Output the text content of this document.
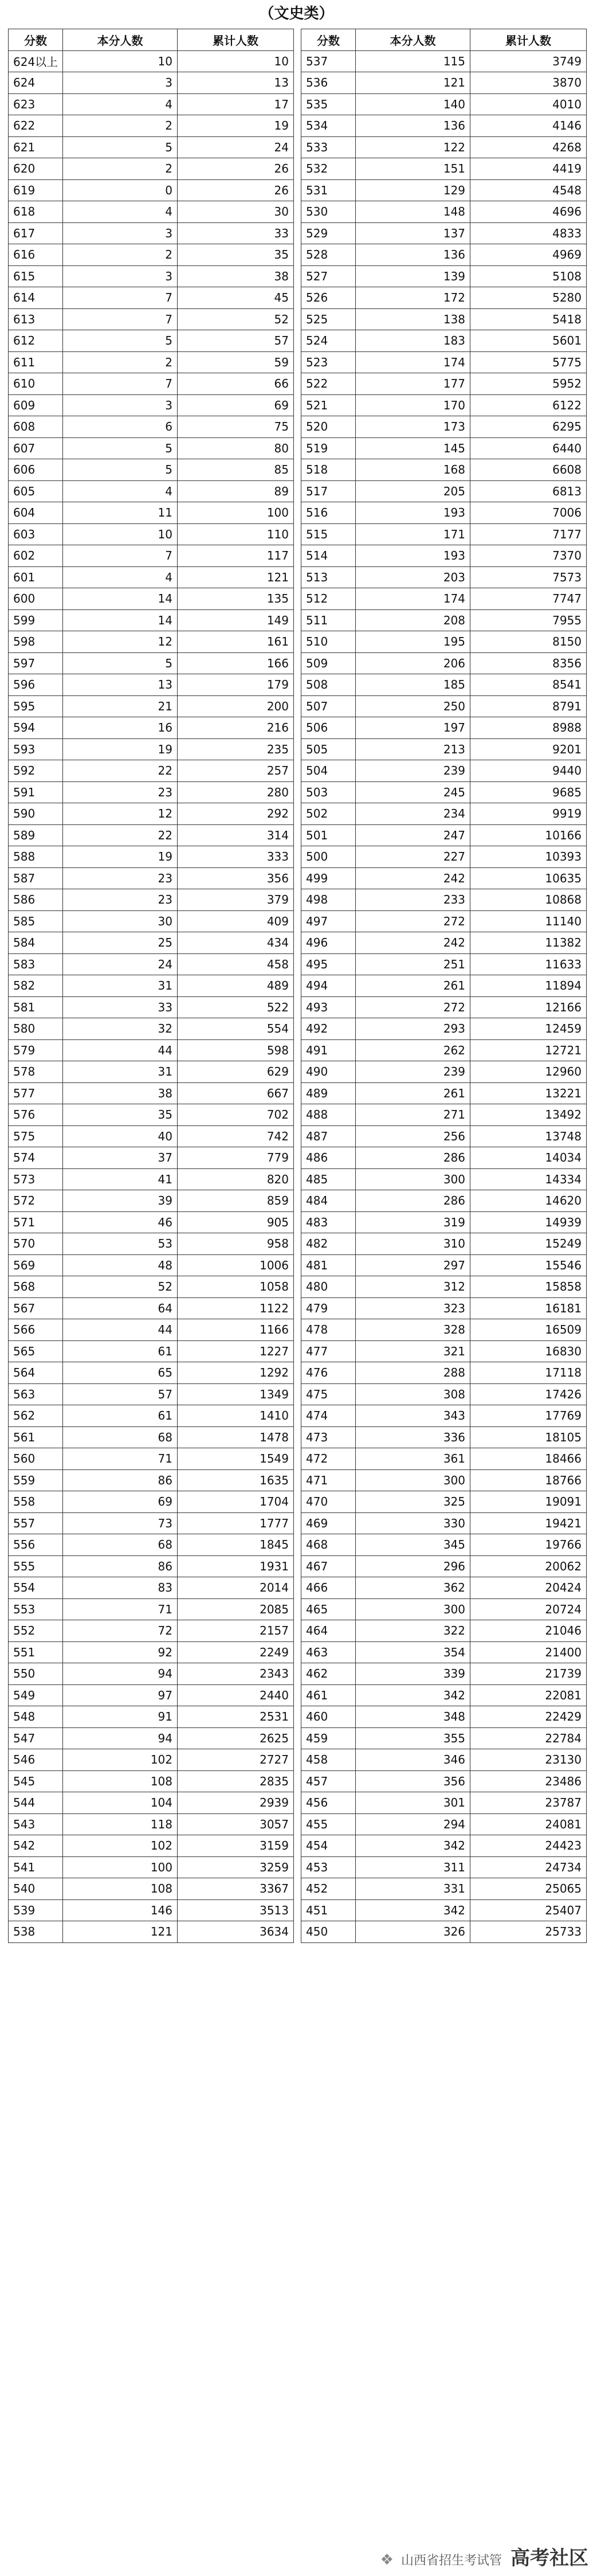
（文史类）
分数	本分人数	累计人数
624以上	10	10
624	3	13
623	4	17
622	2	19
621	5	24
620	2	26
619	0	26
618	4	30
617	3	33
616	2	35
615	3	38
614	7	45
613	7	52
612	5	57
611	2	59
610	7	66
609	3	69
608	6	75
607	5	80
606	5	85
605	4	89
604	11	100
603	10	110
602	7	117
601	4	121
600	14	135
599	14	149
598	12	161
597	5	166
596	13	179
595	21	200
594	16	216
593	19	235
592	22	257
591	23	280
590	12	292
589	22	314
588	19	333
587	23	356
586	23	379
585	30	409
584	25	434
583	24	458
582	31	489
581	33	522
580	32	554
579	44	598
578	31	629
577	38	667
576	35	702
575	40	742
574	37	779
573	41	820
572	39	859
571	46	905
570	53	958
569	48	1006
568	52	1058
567	64	1122
566	44	1166
565	61	1227
564	65	1292
563	57	1349
562	61	1410
561	68	1478
560	71	1549
559	86	1635
558	69	1704
557	73	1777
556	68	1845
555	86	1931
554	83	2014
553	71	2085
552	72	2157
551	92	2249
550	94	2343
549	97	2440
548	91	2531
547	94	2625
546	102	2727
545	108	2835
544	104	2939
543	118	3057
542	102	3159
541	100	3259
540	108	3367
539	146	3513
538	121	3634
分数	本分人数	累计人数
537	115	3749
536	121	3870
535	140	4010
534	136	4146
533	122	4268
532	151	4419
531	129	4548
530	148	4696
529	137	4833
528	136	4969
527	139	5108
526	172	5280
525	138	5418
524	183	5601
523	174	5775
522	177	5952
521	170	6122
520	173	6295
519	145	6440
518	168	6608
517	205	6813
516	193	7006
515	171	7177
514	193	7370
513	203	7573
512	174	7747
511	208	7955
510	195	8150
509	206	8356
508	185	8541
507	250	8791
506	197	8988
505	213	9201
504	239	9440
503	245	9685
502	234	9919
501	247	10166
500	227	10393
499	242	10635
498	233	10868
497	272	11140
496	242	11382
495	251	11633
494	261	11894
493	272	12166
492	293	12459
491	262	12721
490	239	12960
489	261	13221
488	271	13492
487	256	13748
486	286	14034
485	300	14334
484	286	14620
483	319	14939
482	310	15249
481	297	15546
480	312	15858
479	323	16181
478	328	16509
477	321	16830
476	288	17118
475	308	17426
474	343	17769
473	336	18105
472	361	18466
471	300	18766
470	325	19091
469	330	19421
468	345	19766
467	296	20062
466	362	20424
465	300	20724
464	322	21046
463	354	21400
462	339	21739
461	342	22081
460	348	22429
459	355	22784
458	346	23130
457	356	23486
456	301	23787
455	294	24081
454	342	24423
453	311	24734
452	331	25065
451	342	25407
450	326	25733
❖ 山西省招生考试管 高考社区
